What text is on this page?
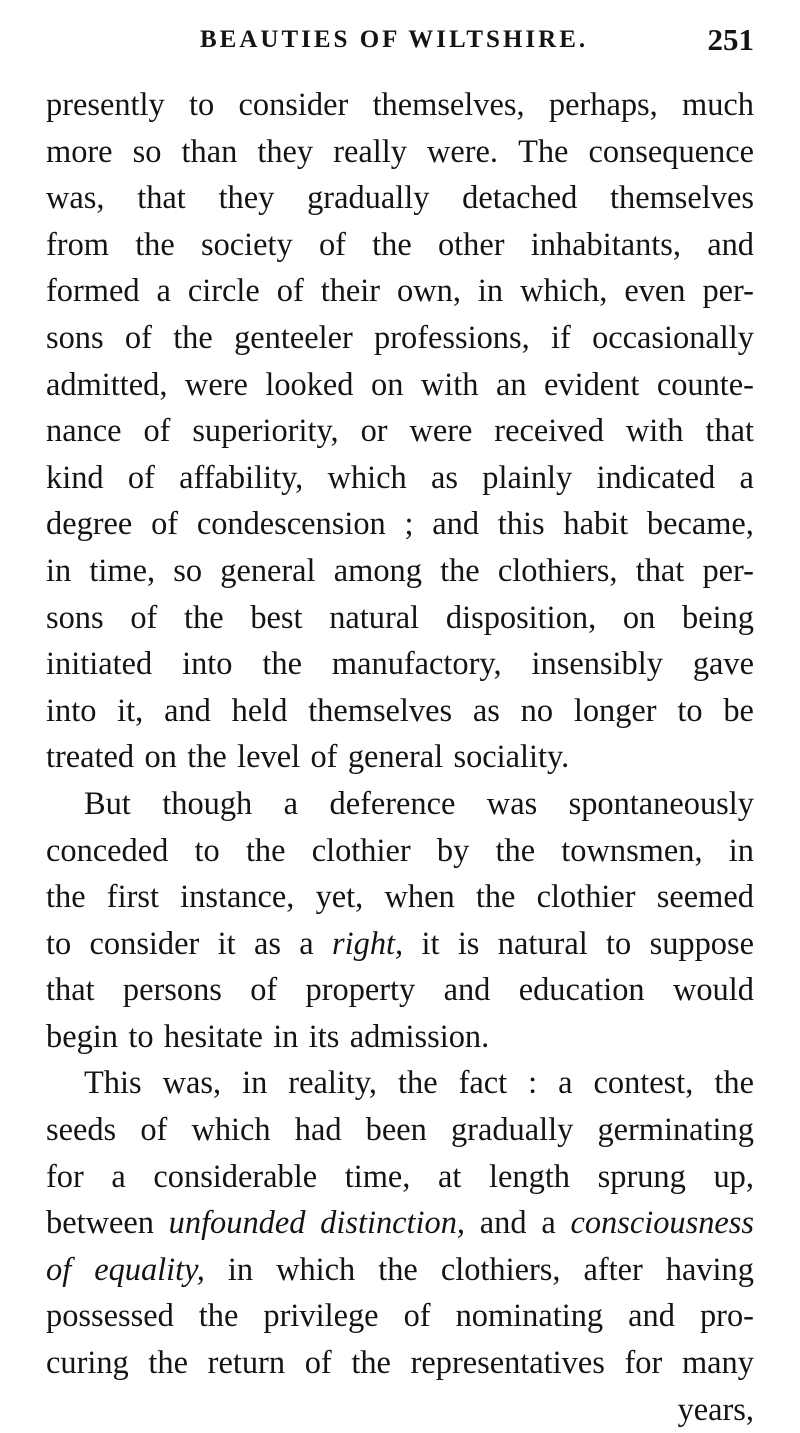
BEAUTIES OF WILTSHIRE.	251
presently to consider themselves, perhaps, much
more so than they really were. The consequence
was, that they gradually detached themselves
from the society of the other inhabitants, and
formed a circle of their own, in which, even per-
sons of the genteeler professions, if occasionally
admitted, were looked on with an evident counte-
nance of superiority, or were received with that
kind of affability, which as plainly indicated a
degree of condescension ; and this habit became,
in time, so general among the clothiers, that per-
sons of the best natural disposition, on being
initiated into the manufactory, insensibly gave
into it, and held themselves as no longer to be
treated on the level of general sociality.
But though a deference was spontaneously
conceded to the clothier by the townsmen, in
the first instance, yet, when the clothier seemed
to consider it as a right, it is natural to suppose
that persons of property and education would
begin to hesitate in its admission.
This was, in reality, the fact : a contest, the
seeds of which had been gradually germinating
for a considerable time, at length sprung up,
between unfounded distinction, and a consciousness
of equality, in which the clothiers, after having
possessed the privilege of nominating and pro-
curing the return of the representatives for many
years,
